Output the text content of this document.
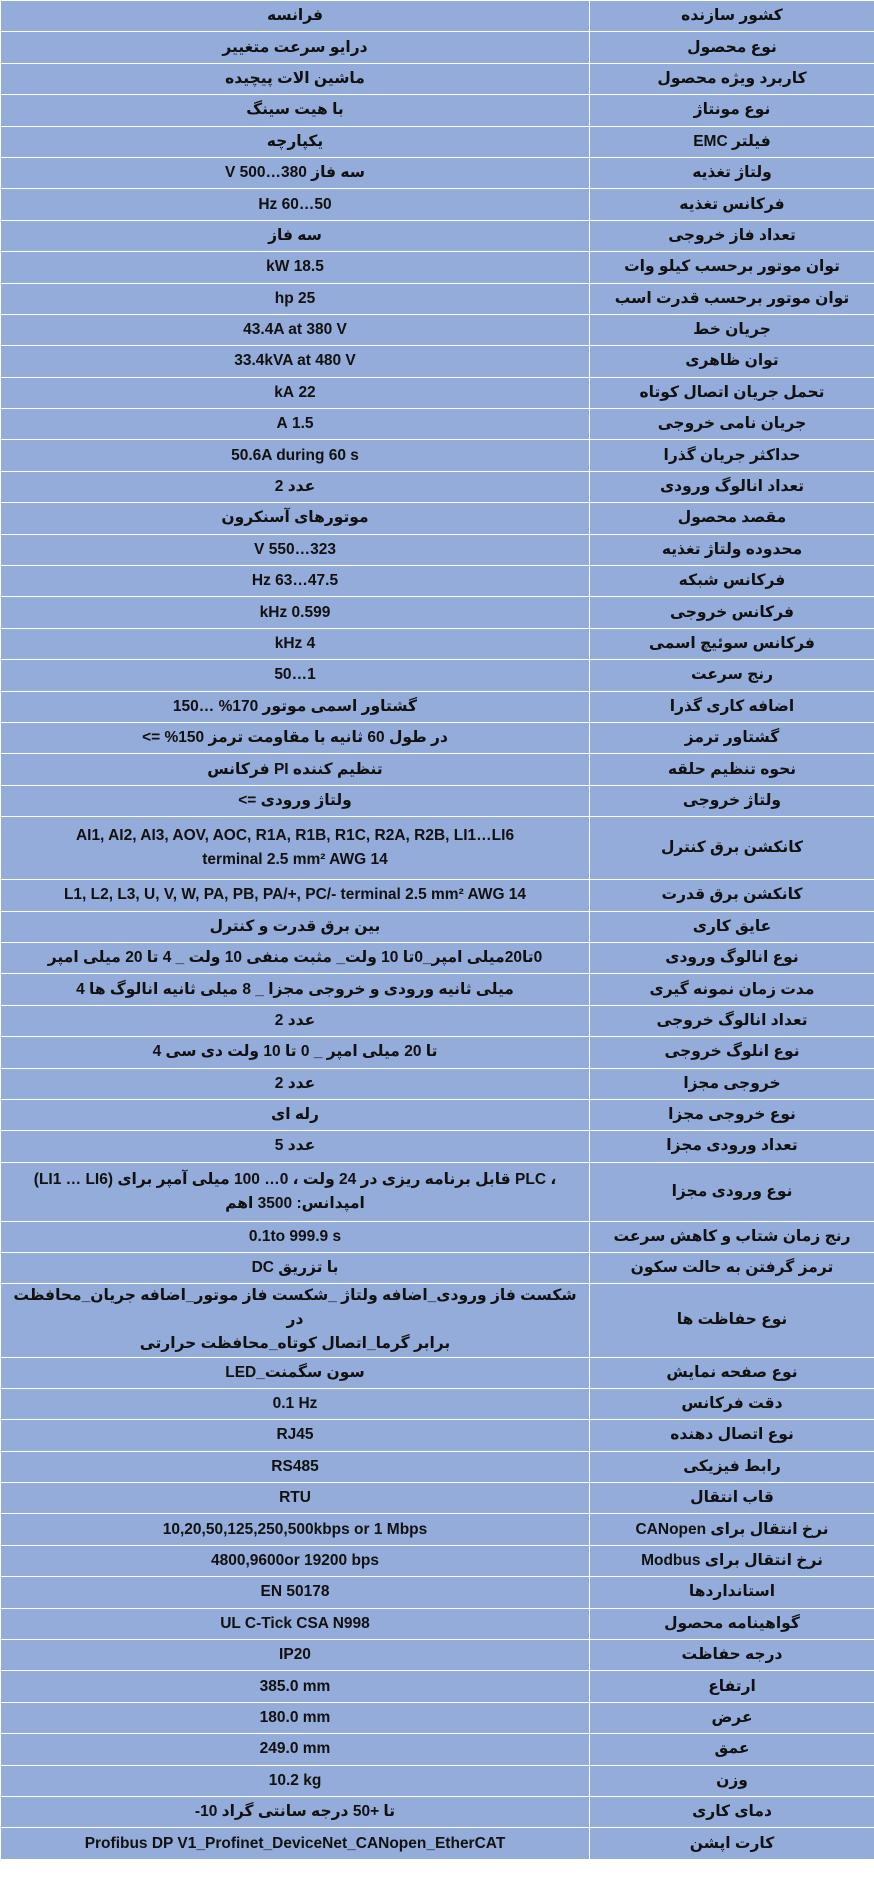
فرانسه	کشور سازنده
درایو سرعت متغییر	نوع محصول
ماشین الات پیچیده	کاربرد ویژه محصول
با هیت سینگ	نوع مونتاژ
یکپارچه	فیلتر EMC
سه فاز 380…500 V	ولتاژ تغذیه
50…60 Hz	فرکانس تغذیه
سه فاز	تعداد فاز خروجی
18.5 kW	توان موتور برحسب کیلو وات
25 hp	توان موتور برحسب قدرت اسب
43.4A at 380 V	جریان خط
33.4kVA at 480 V	توان ظاهری
22 kA	تحمل جریان اتصال کوتاه
1.5 A	جریان نامی خروجی
50.6A during 60 s	حداکثر جریان گذرا
عدد 2	تعداد انالوگ ورودی
موتورهای آسنکرون	مقصد محصول
323…550 V	محدوده ولتاژ تغذیه
47.5…63 Hz	فرکانس شبکه
0.599 kHz	فرکانس خروجی
4 kHz	فرکانس سوئیچ اسمی
1…50	رنج سرعت
گشتاور اسمی موتور 170% …150	اضافه کاری گذرا
در طول 60 ثانیه با مقاومت ترمز 150% =>	گشتاور ترمز
تنظیم کننده PI فرکانس	نحوه تنظیم حلقه
ولتاژ ورودی =>	ولتاژ خروجی

AI1, AI2, AI3, AOV, AOC, R1A, R1B, R1C, R2A, R2B, LI1…LI6
terminal 2.5 mm² AWG 14	کانکشن برق کنترل
L1, L2, L3, U, V, W, PA, PB, PA/+, PC/- terminal 2.5 mm² AWG 14	کانکشن برق قدرت
بین برق قدرت و کنترل	عایق کاری
0تا20میلی امپر_0تا 10 ولت_ مثبت منفی 10 ولت _ 4 تا 20 میلی امپر	نوع انالوگ ورودی
میلی ثانیه ورودی و خروجی مجزا _ 8 میلی ثانیه انالوگ ها 4	مدت زمان نمونه گیری
عدد 2	تعداد انالوگ خروجی
تا 20 میلی امپر _ 0 تا 10 ولت دی سی 4	نوع انلوگ خروجی
عدد 2	خروجی مجزا
رله ای	نوع خروجی مجزا
عدد 5	تعداد ورودی مجزا

، PLC قابل برنامه ریزی در 24 ولت ، 0… 100 میلی آمپر برای (LI1 … LI6)
امپدانس: 3500 اهم	نوع ورودی مجزا
0.1to 999.9 s	رنج زمان شتاب و کاهش سرعت
با تزریق DC	ترمز گرفتن به حالت سکون

شکست فاز ورودی_اضافه ولتاژ _شکست فاز موتور_اضافه جریان_محافظت در
برابر گرما_اتصال کوتاه_محافظت حرارتی	نوع حفاظت ها
سون سگمنت_LED	نوع صفحه نمایش
0.1 Hz	دقت فرکانس
RJ45	نوع اتصال دهنده
RS485	رابط فیزیکی
RTU	قاب انتقال
10,20,50,125,250,500kbps or 1 Mbps	نرخ انتقال برای CANopen
4800,9600or 19200 bps	نرخ انتقال برای Modbus
EN 50178	استانداردها
UL C-Tick CSA N998	گواهینامه محصول
IP20	درجه حفاظت
385.0 mm	ارتفاع
180.0 mm	عرض
249.0 mm	عمق
10.2 kg	وزن
تا +50 درجه سانتی گراد 10-	دمای کاری
Profibus DP V1_Profinet_DeviceNet_CANopen_EtherCAT	کارت اپشن
